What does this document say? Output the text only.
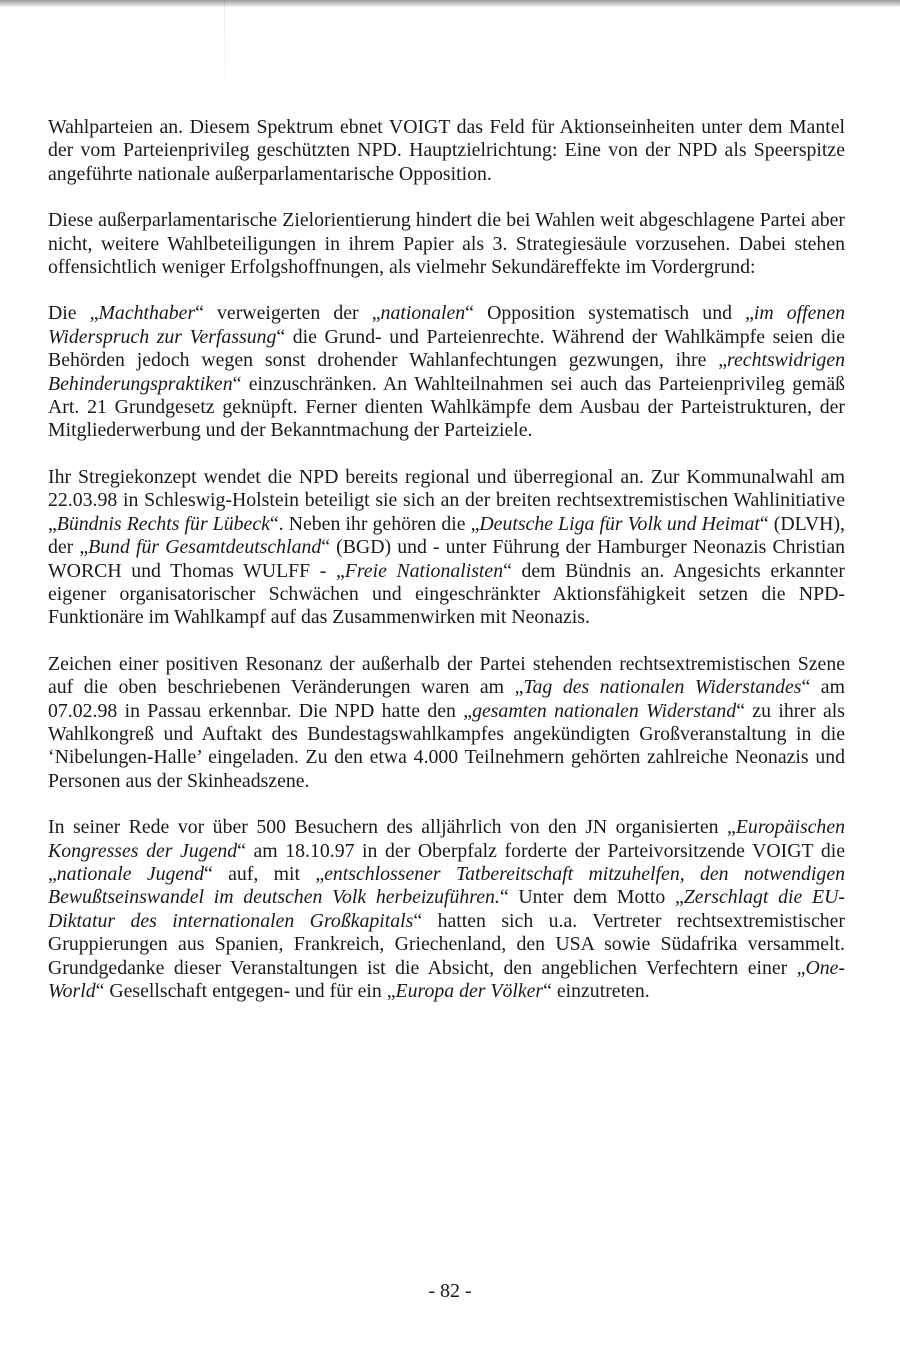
Wahlparteien an. Diesem Spektrum ebnet VOIGT das Feld für Aktionseinheiten unter dem Mantel der vom Parteienprivileg geschützten NPD. Hauptzielrichtung: Eine von der NPD als Speerspitze angeführte nationale außerparlamentarische Opposition.

Diese außerparlamentarische Zielorientierung hindert die bei Wahlen weit abgeschlagene Partei aber nicht, weitere Wahlbeteiligungen in ihrem Papier als 3. Strategiesäule vorzusehen. Dabei stehen offensichtlich weniger Erfolgshoffnungen, als vielmehr Sekundäreffekte im Vordergrund:

Die „Machthaber“ verweigerten der „nationalen“ Opposition systematisch und „im offenen Widerspruch zur Verfassung“ die Grund- und Parteienrechte. Während der Wahlkämpfe seien die Behörden jedoch wegen sonst drohender Wahlanfechtungen gezwungen, ihre „rechtswidrigen Behinderungspraktiken“ einzuschränken. An Wahlteilnahmen sei auch das Parteienprivileg gemäß Art. 21 Grundgesetz geknüpft. Ferner dienten Wahlkämpfe dem Ausbau der Parteistrukturen, der Mitgliederwerbung und der Bekanntmachung der Parteiziele.

Ihr Stregiekonzept wendet die NPD bereits regional und überregional an. Zur Kommunalwahl am 22.03.98 in Schleswig-Holstein beteiligt sie sich an der breiten rechtsextremistischen Wahlinitiative „Bündnis Rechts für Lübeck“. Neben ihr gehören die „Deutsche Liga für Volk und Heimat“ (DLVH), der „Bund für Gesamtdeutschland“ (BGD) und - unter Führung der Hamburger Neonazis Christian WORCH und Thomas WULFF - „Freie Nationalisten“ dem Bündnis an. Angesichts erkannter eigener organisatorischer Schwächen und eingeschränkter Aktionsfähigkeit setzen die NPD-Funktionäre im Wahlkampf auf das Zusammenwirken mit Neonazis.

Zeichen einer positiven Resonanz der außerhalb der Partei stehenden rechtsextremistischen Szene auf die oben beschriebenen Veränderungen waren am „Tag des nationalen Widerstandes“ am 07.02.98 in Passau erkennbar. Die NPD hatte den „gesamten nationalen Widerstand“ zu ihrer als Wahlkongreß und Auftakt des Bundestagswahlkampfes angekündigten Großveranstaltung in die ‘Nibelungen-Halle’ eingeladen. Zu den etwa 4.000 Teilnehmern gehörten zahlreiche Neonazis und Personen aus der Skinheadszene.

In seiner Rede vor über 500 Besuchern des alljährlich von den JN organisierten „Europäischen Kongresses der Jugend“ am 18.10.97 in der Oberpfalz forderte der Parteivorsitzende VOIGT die „nationale Jugend“ auf, mit „entschlossener Tatbereitschaft mitzuhelfen, den notwendigen Bewußtseinswandel im deutschen Volk herbeizuführen.“ Unter dem Motto „Zerschlagt die EU-Diktatur des internationalen Großkapitals“ hatten sich u.a. Vertreter rechtsextremistischer Gruppierungen aus Spanien, Frankreich, Griechenland, den USA sowie Südafrika versammelt. Grundgedanke dieser Veranstaltungen ist die Absicht, den angeblichen Verfechtern einer „One-World“ Gesellschaft entgegen- und für ein „Europa der Völker“ einzutreten.

- 82 -
